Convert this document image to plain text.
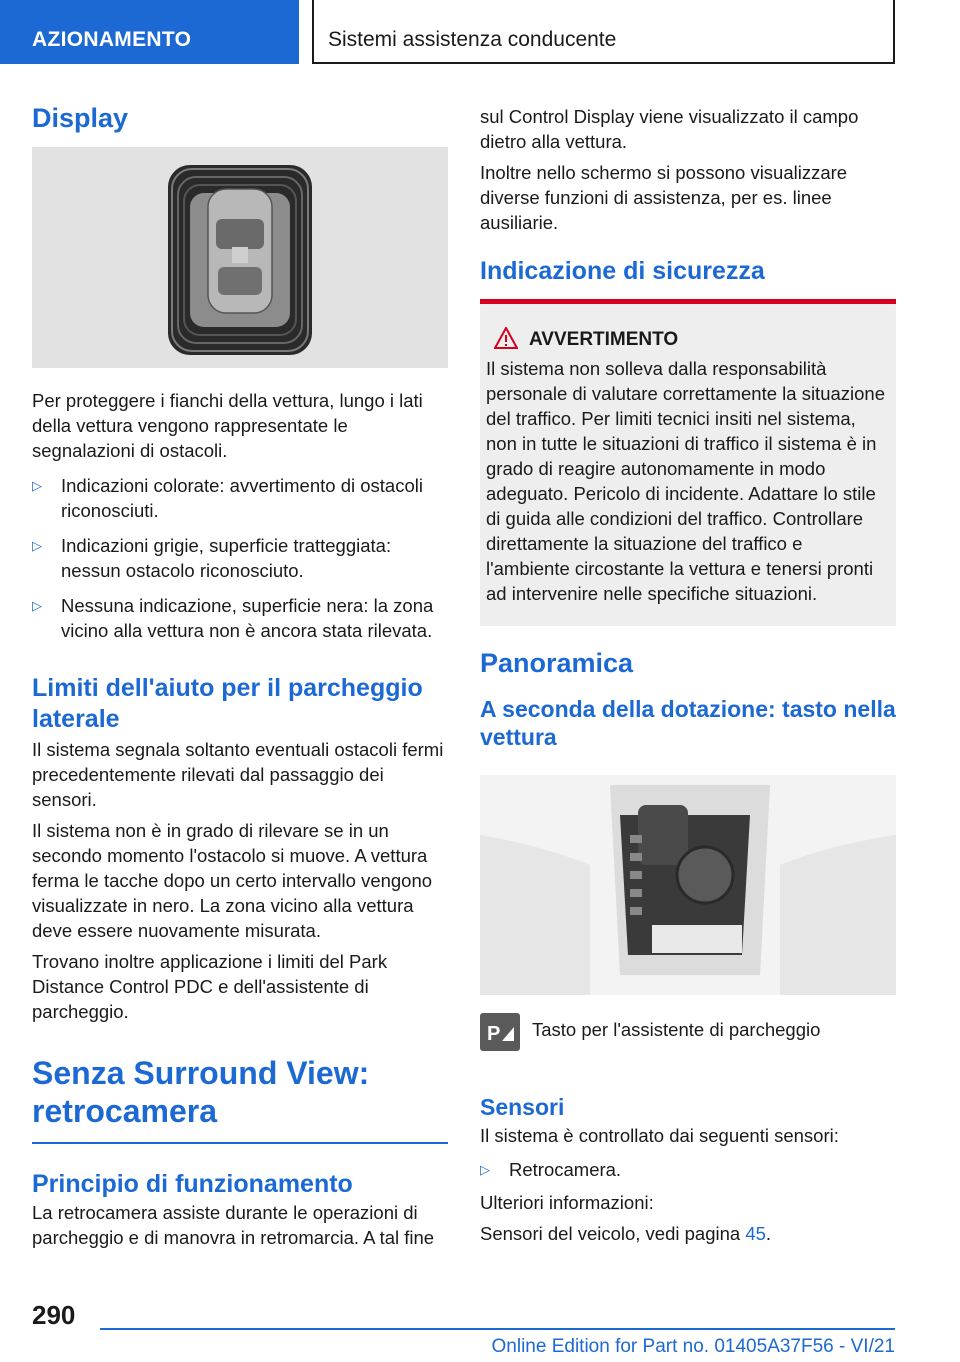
AZIONAMENTO	Sistemi assistenza conducente
Display

Per proteggere i fianchi della vettura, lungo i lati della vettura vengono rappresentate le segnalazioni di ostacoli.

▷ Indicazioni colorate: avvertimento di ostacoli riconosciuti.
▷ Indicazioni grigie, superficie tratteggiata: nessun ostacolo riconosciuto.
▷ Nessuna indicazione, superficie nera: la zona vicino alla vettura non è ancora stata rilevata.
Limiti dell'aiuto per il parcheggio laterale

Il sistema segnala soltanto eventuali ostacoli fermi precedentemente rilevati dal passaggio dei sensori.

Il sistema non è in grado di rilevare se in un secondo momento l'ostacolo si muove. A vettura ferma le tacche dopo un certo intervallo vengono visualizzate in nero. La zona vicino alla vettura deve essere nuovamente misurata.

Trovano inoltre applicazione i limiti del Park Distance Control PDC e dell'assistente di parcheggio.

Senza Surround View: retrocamera
Principio di funzionamento

La retrocamera assiste durante le operazioni di parcheggio e di manovra in retromarcia. A tal fine

sul Control Display viene visualizzato il campo dietro alla vettura.

Inoltre nello schermo si possono visualizzare diverse funzioni di assistenza, per es. linee ausiliarie.

Indicazione di sicurezza
AVVERTIMENTO

Il sistema non solleva dalla responsabilità personale di valutare correttamente la situazione del traffico. Per limiti tecnici insiti nel sistema, non in tutte le situazioni di traffico il sistema è in grado di reagire autonomamente in modo adeguato. Pericolo di incidente. Adattare lo stile di guida alle condizioni del traffico. Controllare direttamente la situazione del traffico e l'ambiente circostante la vettura e tenersi pronti ad intervenire nelle specifiche situazioni.

Panoramica
A seconda della dotazione: tasto nella vettura
P	Tasto per l'assistente di parcheggio
Sensori

Il sistema è controllato dai seguenti sensori:

▷ Retrocamera.

Ulteriori informazioni:

Sensori del veicolo, vedi pagina 45.

290
Online Edition for Part no. 01405A37F56 - VI/21
